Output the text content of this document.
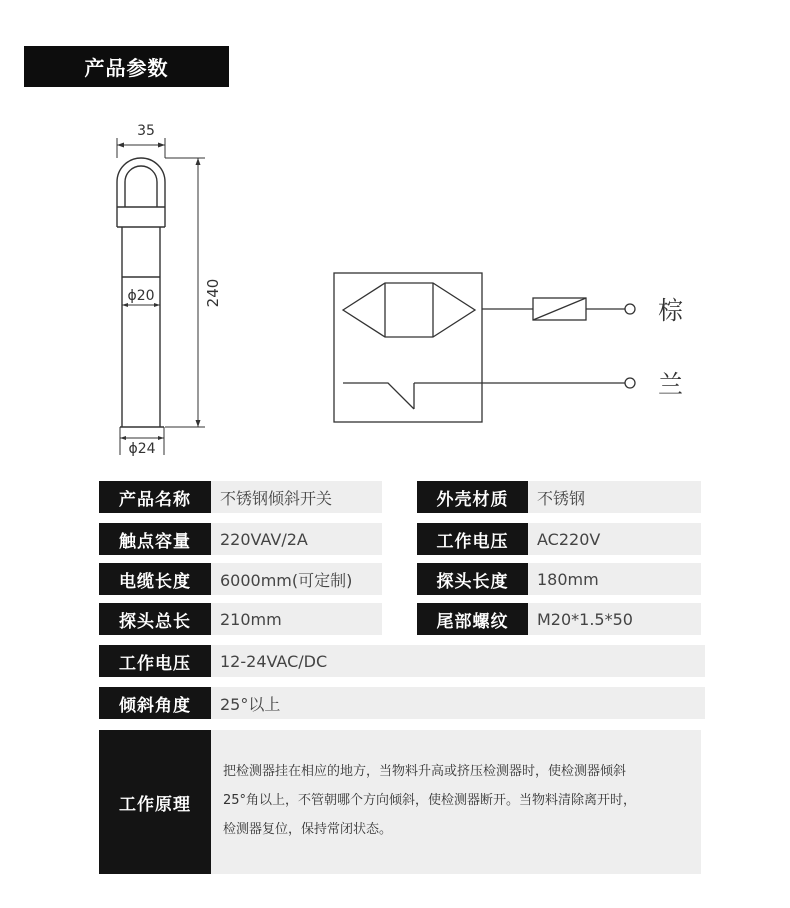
产品参数
35
ϕ20	240
ϕ24
棕
兰
产品名称	不锈钢倾斜开关	外壳材质	不锈钢
触点容量	220VAV/2A	工作电压	AC220V
电缆长度	6000mm(可定制)	探头长度	180mm
探头总长	210mm	尾部螺纹	M20*1.5*50
工作电压	12-24VAC/DC
倾斜角度	25°以上
工作原理
把检测器挂在相应的地方，当物料升高或挤压检测器时，使检测器倾斜
25°角以上，不管朝哪个方向倾斜，使检测器断开。当物料清除离开时，
检测器复位，保持常闭状态。
